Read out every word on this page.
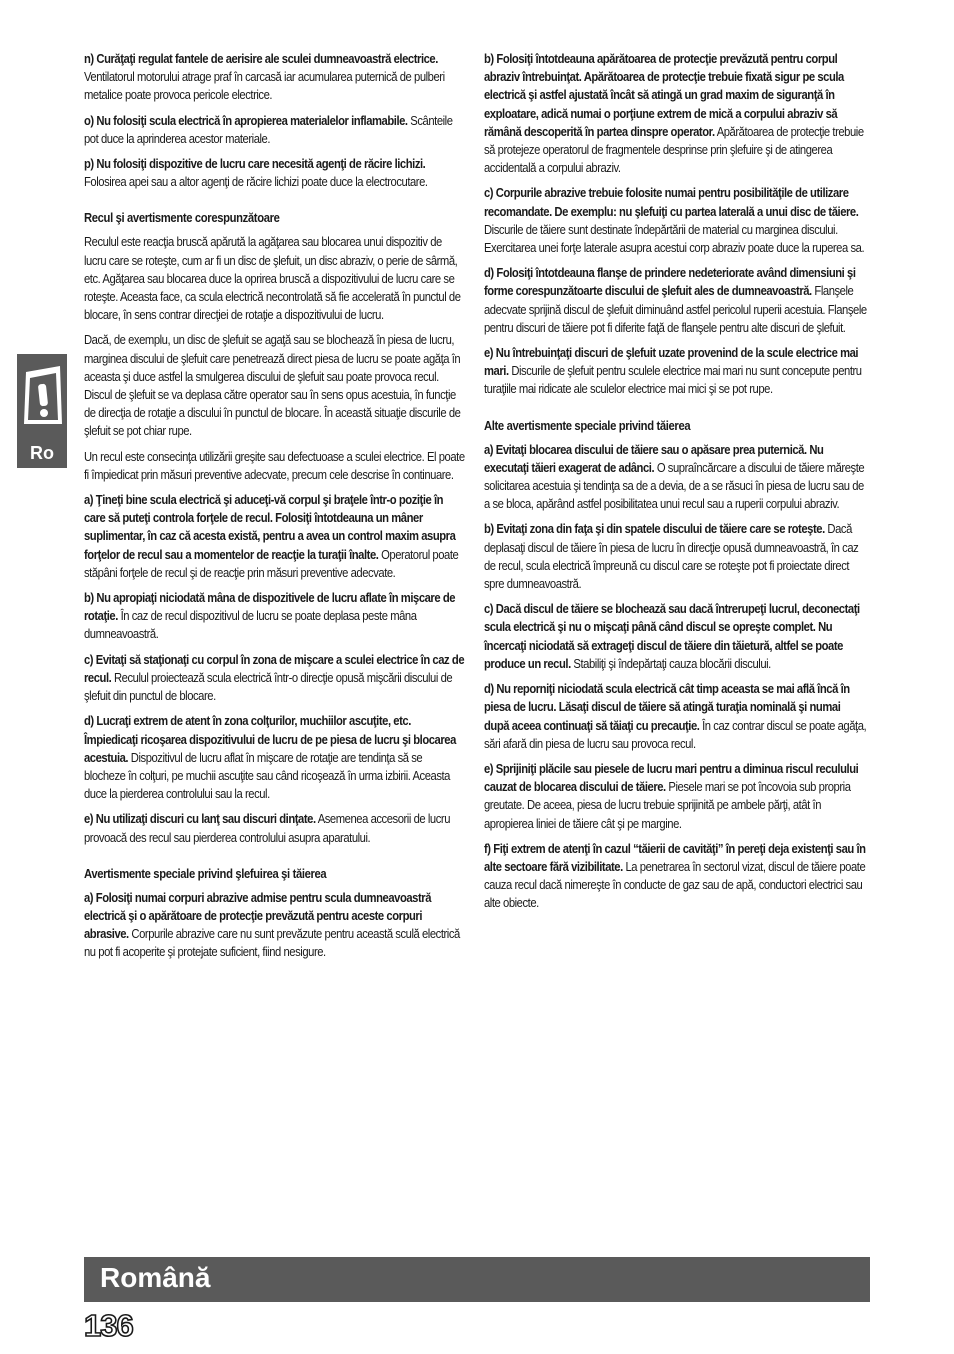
Ro

n) Curăţaţi regulat fantele de aerisire ale sculei dumneavoastră electrice. Ventilatorul motorului atrage praf în carcasă iar acumularea puternică de pulberi metalice poate provoca pericole electrice.

o) Nu folosiţi scula electrică în apropierea materialelor inflamabile. Scânteile pot duce la aprinderea acestor materiale.

p) Nu folosiţi dispozitive de lucru care necesită agenţi de răcire lichizi. Folosirea apei sau a altor agenţi de răcire lichizi poate duce la electrocutare.

Recul şi avertismente corespunzătoare

Reculul este reacţia bruscă apărută la agăţarea sau blocarea unui dispozitiv de lucru care se roteşte, cum ar fi un disc de şlefuit, un disc abraziv, o perie de sârmă, etc. Agăţarea sau blocarea duce la oprirea bruscă a dispozitivului de lucru care se roteşte. Aceasta face, ca scula electrică necontrolată să fie accelerată în punctul de blocare, în sens contrar direcţiei de rotaţie a dispozitivului de lucru.

Dacă, de exemplu, un disc de şlefuit se agaţă sau se blochează în piesa de lucru, marginea discului de şlefuit care penetrează direct piesa de lucru se poate agăţa în aceasta şi duce astfel la smulgerea discului de şlefuit sau poate provoca recul. Discul de şlefuit se va deplasa către operator sau în sens opus acestuia, în funcţie de direcţia de rotaţie a discului în punctul de blocare. În această situaţie discurile de şlefuit se pot chiar rupe.

Un recul este consecinţa utilizării greşite sau defectuoase a sculei electrice. El poate fi împiedicat prin măsuri preventive adecvate, precum cele descrise în continuare.

a) Ţineţi bine scula electrică şi aduceţi-vă corpul şi braţele într-o poziţie în care să puteţi controla forţele de recul. Folosiţi întotdeauna un mâner suplimentar, în caz că acesta există, pentru a avea un control maxim asupra forţelor de recul sau a momentelor de reacţie la turaţii înalte. Operatorul poate stăpâni forţele de recul şi de reacţie prin măsuri preventive adecvate.

b) Nu apropiaţi niciodată mâna de dispozitivele de lucru aflate în mişcare de rotaţie. În caz de recul dispozitivul de lucru se poate deplasa peste mâna dumneavoastră.

c) Evitaţi să staţionaţi cu corpul în zona de mişcare a sculei electrice în caz de recul. Reculul proiectează scula electrică într-o direcţie opusă mişcării discului de şlefuit din punctul de blocare.

d) Lucraţi extrem de atent în zona colţurilor, muchiilor ascuţite, etc. Împiedicaţi ricoşarea dispozitivului de lucru de pe piesa de lucru şi blocarea acestuia. Dispozitivul de lucru aflat în mişcare de rotaţie are tendinţa să se blocheze în colţuri, pe muchii ascuţite sau când ricoşează în urma izbirii. Aceasta duce la pierderea controlului sau la recul.

e) Nu utilizaţi discuri cu lanţ sau discuri dinţate. Asemenea accesorii de lucru provoacă des recul sau pierderea controlului asupra aparatului.

Avertismente speciale privind şlefuirea şi tăierea

a) Folosiţi numai corpuri abrazive admise pentru scula dumneavoastră electrică şi o apărătoare de protecţie prevăzută pentru aceste corpuri abrasive. Corpurile abrazive care nu sunt prevăzute pentru această sculă electrică nu pot fi acoperite şi protejate suficient, fiind nesigure.

b) Folosiţi întotdeauna apărătoarea de protecţie prevăzută pentru corpul abraziv întrebuinţat. Apărătoarea de protecţie trebuie fixată sigur pe scula electrică şi astfel ajustată încât să atingă un grad maxim de siguranţă în exploatare, adică numai o porţiune extrem de mică a corpului abraziv să rămână descoperită în partea dinspre operator. Apărătoarea de protecţie trebuie să protejeze operatorul de fragmentele desprinse prin şlefuire şi de atingerea accidentală a corpului abraziv.

c) Corpurile abrazive trebuie folosite numai pentru posibilităţile de utilizare recomandate. De exemplu: nu şlefuiţi cu partea laterală a unui disc de tăiere. Discurile de tăiere sunt destinate îndepărtării de material cu marginea discului. Exercitarea unei forţe laterale asupra acestui corp abraziv poate duce la ruperea sa.

d) Folosiţi întotdeauna flanşe de prindere nedeteriorate având dimensiuni şi forme corespunzătoarte discului de şlefuit ales de dumneavoastră. Flanşele adecvate sprijină discul de şlefuit diminuând astfel pericolul ruperii acestuia. Flanşele pentru discuri de tăiere pot fi diferite faţă de flanşele pentru alte discuri de şlefuit.

e) Nu întrebuinţaţi discuri de şlefuit uzate provenind de la scule electrice mai mari. Discurile de şlefuit pentru sculele electrice mai mari nu sunt concepute pentru turaţiile mai ridicate ale sculelor electrice mai mici şi se pot rupe.

Alte avertismente speciale privind tăierea

a) Evitaţi blocarea discului de tăiere sau o apăsare prea puternică. Nu executaţi tăieri exagerat de adânci. O supraîncărcare a discului de tăiere măreşte solicitarea acestuia şi tendinţa sa de a devia, de a se răsuci în piesa de lucru sau de a se bloca, apărând astfel posibilitatea unui recul sau a ruperii corpului abraziv.

b) Evitaţi zona din faţa şi din spatele discului de tăiere care se roteşte. Dacă deplasaţi discul de tăiere în piesa de lucru în direcţie opusă dumneavoastră, în caz de recul, scula electrică împreună cu discul care se roteşte pot fi proiectate direct spre dumneavoastră.

c) Dacă discul de tăiere se blochează sau dacă întrerupeţi lucrul, deconectaţi scula electrică şi nu o mişcaţi până când discul se opreşte complet. Nu încercaţi niciodată să extrageţi discul de tăiere din tăietură, altfel se poate produce un recul. Stabiliţi şi îndepărtaţi cauza blocării discului.

d) Nu reporniţi niciodată scula electrică cât timp aceasta se mai află încă în piesa de lucru. Lăsaţi discul de tăiere să atingă turaţia nominală şi numai după aceea continuaţi să tăiaţi cu precauţie. În caz contrar discul se poate agăţa, sări afară din piesa de lucru sau provoca recul.

e) Sprijiniţi plăcile sau piesele de lucru mari pentru a diminua riscul reculului cauzat de blocarea discului de tăiere. Piesele mari se pot încovoia sub propria greutate. De aceea, piesa de lucru trebuie sprijinită pe ambele părţi, atât în apropierea liniei de tăiere cât şi pe margine.

f) Fiţi extrem de atenţi în cazul “tăierii de cavităţi” în pereţi deja existenţi sau în alte sectoare fără vizibilitate. La penetrarea în sectorul vizat, discul de tăiere poate cauza recul dacă nimereşte în conducte de gaz sau de apă, conductori electrici sau alte obiecte.

Română
136
